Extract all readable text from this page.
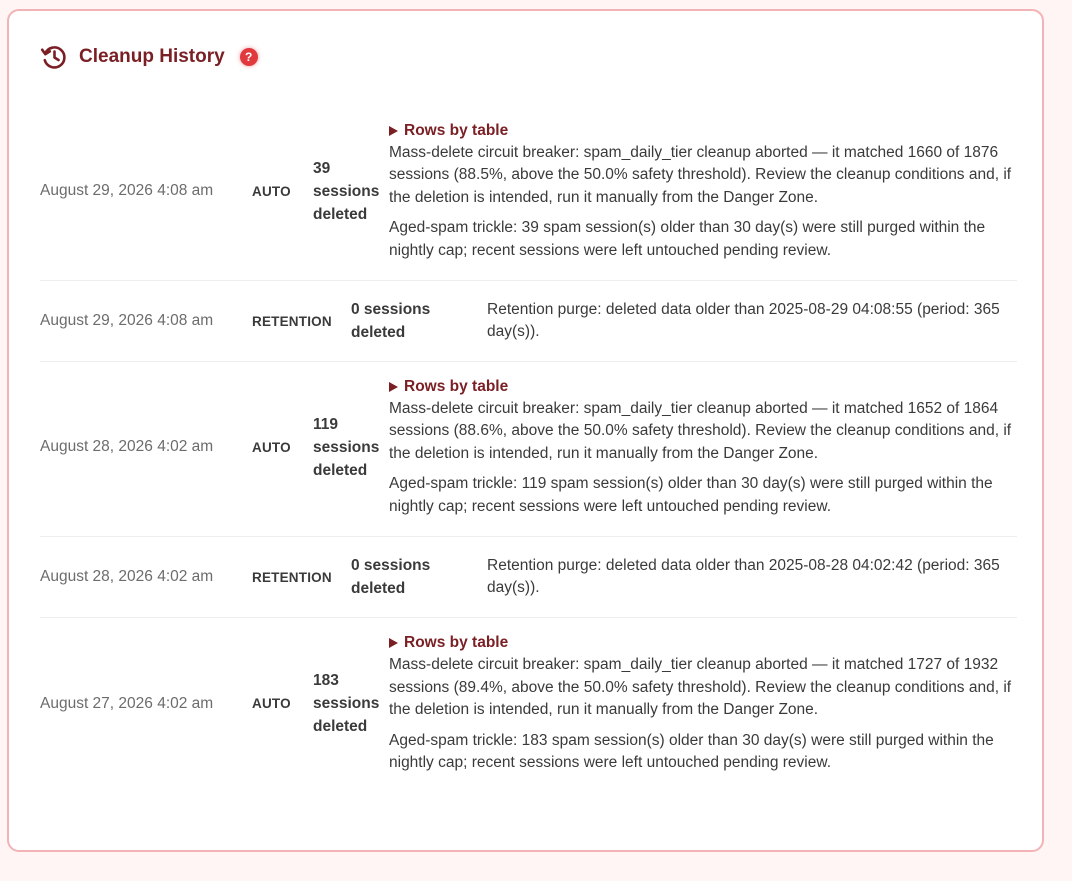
Cleanup History	?
August 29, 2026 4:08 am	AUTO
39
sessions
deleted
Rows by table

Mass-delete circuit breaker: spam_daily_tier cleanup aborted — it matched 1660 of 1876 sessions (88.5%, above the 50.0% safety threshold). Review the cleanup conditions and, if the deletion is intended, run it manually from the Danger Zone.

Aged-spam trickle: 39 spam session(s) older than 30 day(s) were still purged within the nightly cap; recent sessions were left untouched pending review.

August 29, 2026 4:08 am	RETENTION
0 sessions
deleted

Retention purge: deleted data older than 2025-08-29 04:08:55 (period: 365 day(s)).

August 28, 2026 4:02 am	AUTO
119
sessions
deleted
Rows by table

Mass-delete circuit breaker: spam_daily_tier cleanup aborted — it matched 1652 of 1864 sessions (88.6%, above the 50.0% safety threshold). Review the cleanup conditions and, if the deletion is intended, run it manually from the Danger Zone.

Aged-spam trickle: 119 spam session(s) older than 30 day(s) were still purged within the nightly cap; recent sessions were left untouched pending review.

August 28, 2026 4:02 am	RETENTION
0 sessions
deleted

Retention purge: deleted data older than 2025-08-28 04:02:42 (period: 365 day(s)).

August 27, 2026 4:02 am	AUTO
183
sessions
deleted
Rows by table

Mass-delete circuit breaker: spam_daily_tier cleanup aborted — it matched 1727 of 1932 sessions (89.4%, above the 50.0% safety threshold). Review the cleanup conditions and, if the deletion is intended, run it manually from the Danger Zone.

Aged-spam trickle: 183 spam session(s) older than 30 day(s) were still purged within the nightly cap; recent sessions were left untouched pending review.
